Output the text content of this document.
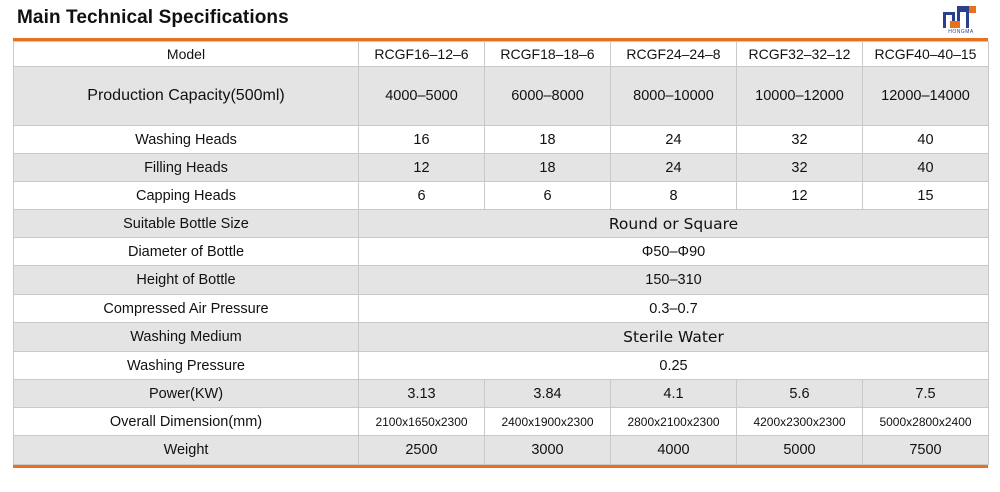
Main Technical Specifications
HONGMA
Model	RCGF16–12–6	RCGF18–18–6	RCGF24–24–8	RCGF32–32–12	RCGF40–40–15
Production Capacity(500ml)	4000–5000	6000–8000	8000–10000	10000–12000	12000–14000
Washing Heads	16	18	24	32	40
Filling Heads	12	18	24	32	40
Capping Heads	6	6	8	12	15
Suitable Bottle Size	Round or Square				
Diameter of Bottle	Φ50–Φ90				
Height of Bottle	150–310				
Compressed Air Pressure	0.3–0.7				
Washing Medium	Sterile Water				
Washing Pressure	0.25				
Power(KW)	3.13	3.84	4.1	5.6	7.5
Overall Dimension(mm)	2100x1650x2300	2400x1900x2300	2800x2100x2300	4200x2300x2300	5000x2800x2400
Weight	2500	3000	4000	5000	7500
